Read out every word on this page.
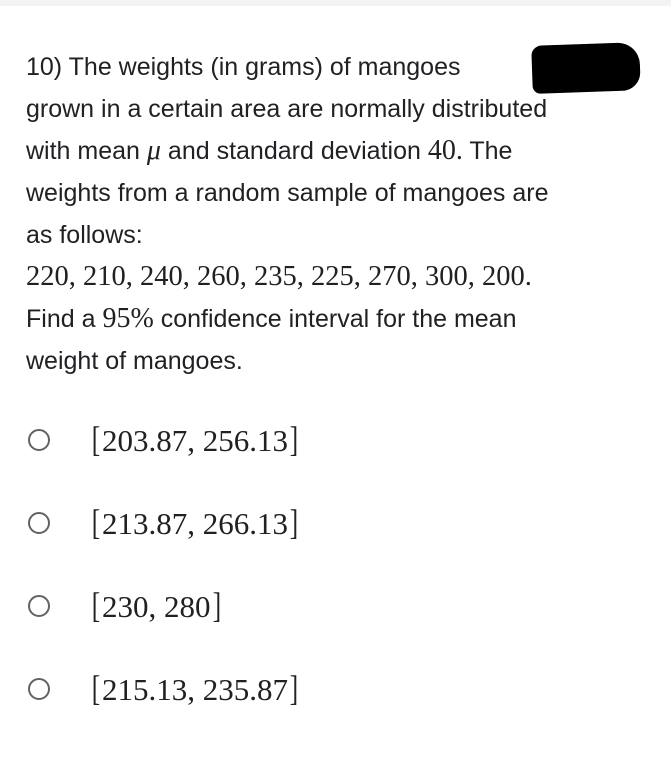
10) The weights (in grams) of mangoes
grown in a certain area are normally distributed
with mean μ and standard deviation 40. The
weights from a random sample of mangoes are
as follows:
220, 210, 240, 260, 235, 225, 270, 300, 200.
Find a 95% confidence interval for the mean
weight of mangoes.
[203.87, 256.13]
[213.87, 266.13]
[230, 280]
[215.13, 235.87]
